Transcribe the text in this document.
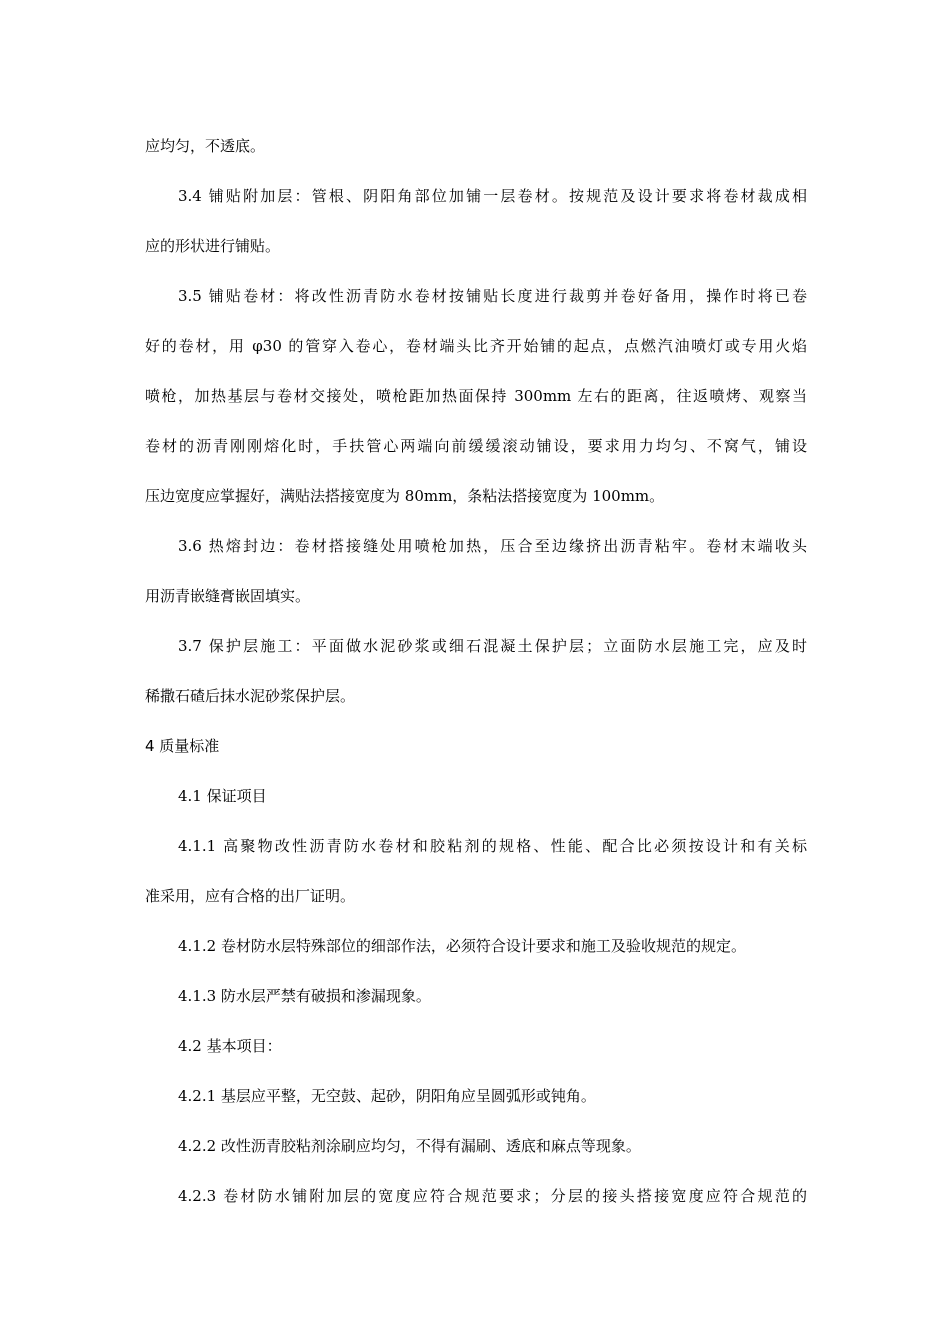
应均匀，不透底。
3.4 铺贴附加层：管根、阴阳角部位加铺一层卷材。按规范及设计要求将卷材裁成相
应的形状进行铺贴。
3.5 铺贴卷材：将改性沥青防水卷材按铺贴长度进行裁剪并卷好备用，操作时将已卷
好的卷材，用 φ30 的管穿入卷心，卷材端头比齐开始铺的起点，点燃汽油喷灯或专用火焰
喷枪，加热基层与卷材交接处，喷枪距加热面保持 300mm 左右的距离，往返喷烤、观察当
卷材的沥青刚刚熔化时，手扶管心两端向前缓缓滚动铺设，要求用力均匀、不窝气，铺设
压边宽度应掌握好，满贴法搭接宽度为 80mm，条粘法搭接宽度为 100mm。
3.6 热熔封边：卷材搭接缝处用喷枪加热，压合至边缘挤出沥青粘牢。卷材末端收头
用沥青嵌缝膏嵌固填实。
3.7 保护层施工：平面做水泥砂浆或细石混凝土保护层；立面防水层施工完，应及时
稀撒石碴后抹水泥砂浆保护层。
4 质量标准
4.1 保证项目
4.1.1 高聚物改性沥青防水卷材和胶粘剂的规格、性能、配合比必须按设计和有关标
准采用，应有合格的出厂证明。
4.1.2 卷材防水层特殊部位的细部作法，必须符合设计要求和施工及验收规范的规定。
4.1.3 防水层严禁有破损和渗漏现象。
4.2 基本项目：
4.2.1 基层应平整，无空鼓、起砂，阴阳角应呈圆弧形或钝角。
4.2.2 改性沥青胶粘剂涂刷应均匀，不得有漏刷、透底和麻点等现象。
4.2.3 卷材防水铺附加层的宽度应符合规范要求；分层的接头搭接宽度应符合规范的
